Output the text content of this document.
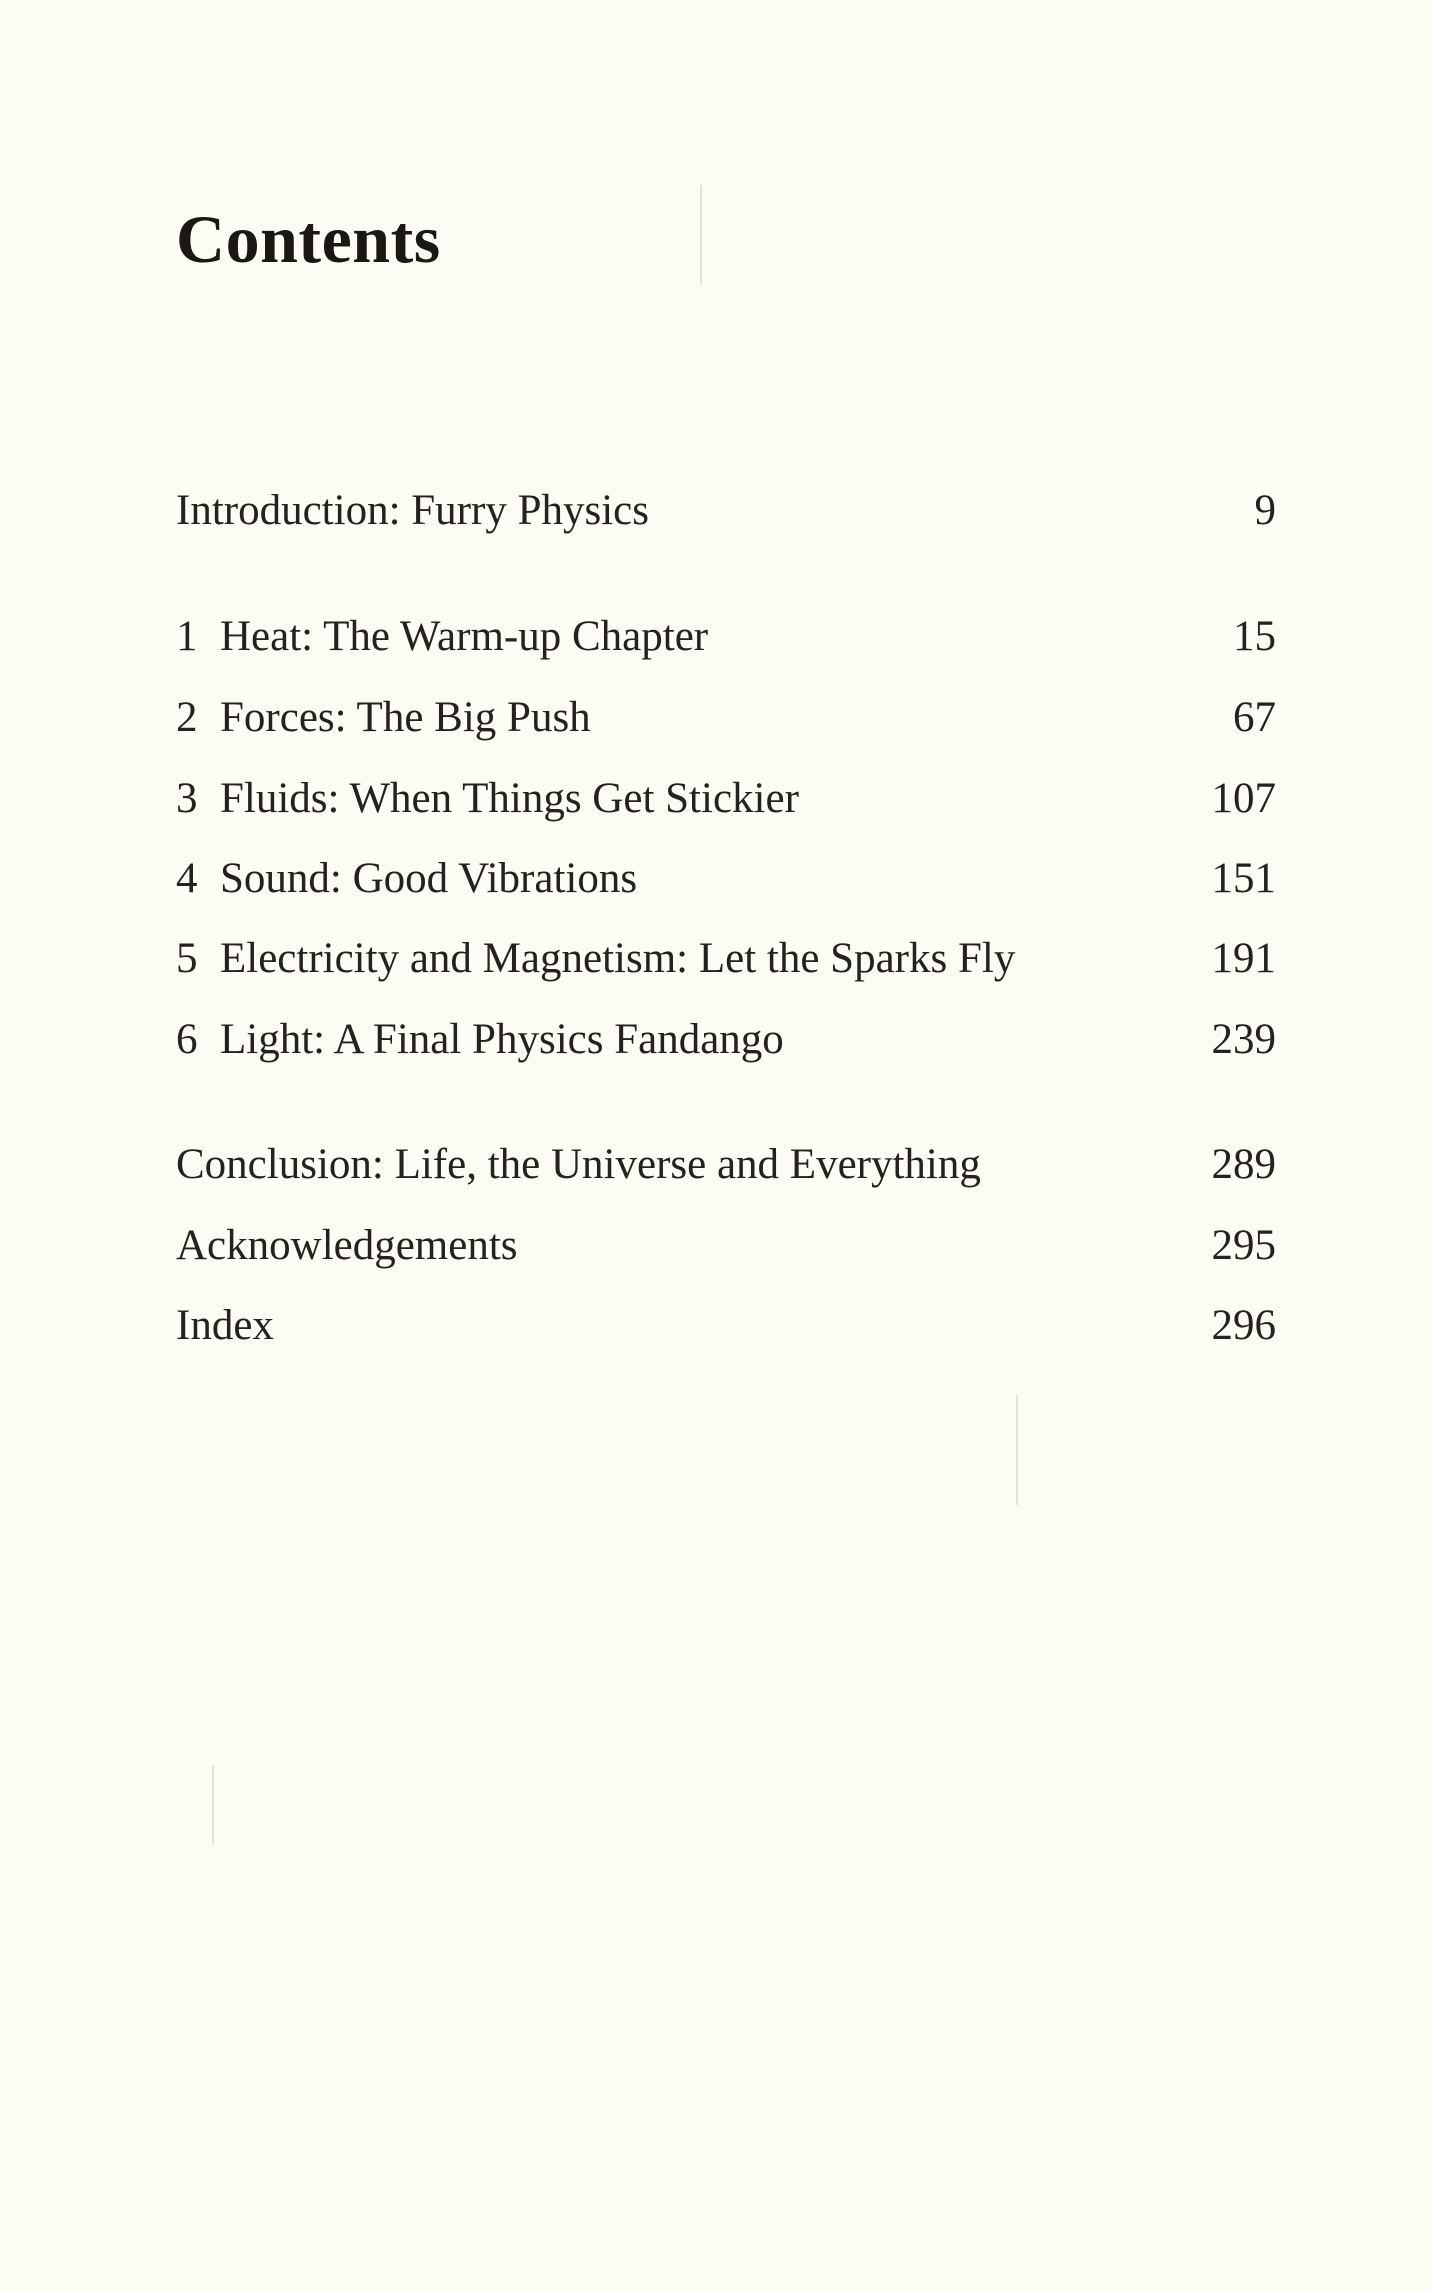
Contents
Introduction: Furry Physics	9
1 Heat: The Warm-up Chapter	15
2 Forces: The Big Push	67
3 Fluids: When Things Get Stickier	107
4 Sound: Good Vibrations	151
5 Electricity and Magnetism: Let the Sparks Fly	191
6 Light: A Final Physics Fandango	239
Conclusion: Life, the Universe and Everything	289
Acknowledgements	295
Index	296
